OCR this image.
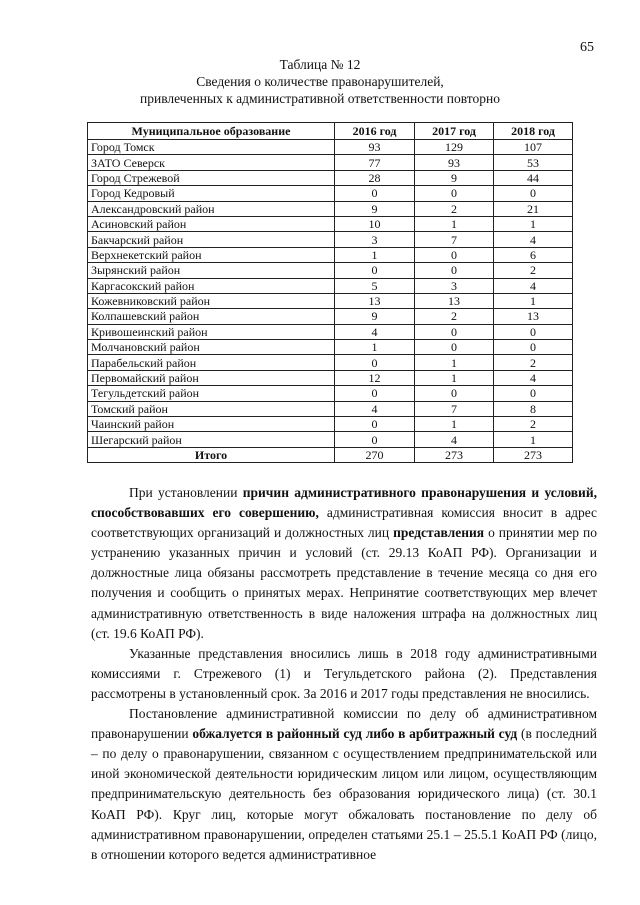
65
Таблица № 12
Сведения о количестве правонарушителей,
привлеченных к административной ответственности повторно
Муниципальное образование	2016 год	2017 год	2018 год
Город Томск	93	129	107
ЗАТО Северск	77	93	53
Город Стрежевой	28	9	44
Город Кедровый	0	0	0
Александровский район	9	2	21
Асиновский район	10	1	1
Бакчарский район	3	7	4
Верхнекетский район	1	0	6
Зырянский район	0	0	2
Каргасокский район	5	3	4
Кожевниковский район	13	13	1
Колпашевский район	9	2	13
Кривошеинский район	4	0	0
Молчановский район	1	0	0
Парабельский район	0	1	2
Первомайский район	12	1	4
Тегульдетский район	0	0	0
Томский район	4	7	8
Чаинский район	0	1	2
Шегарский район	0	4	1
Итого	270	273	273

При установлении причин административного правонарушения и условий, способствовавших его совершению, административная комиссия вносит в адрес соответствующих организаций и должностных лиц представления о принятии мер по устранению указанных причин и условий (ст. 29.13 КоАП РФ). Организации и должностные лица обязаны рассмотреть представление в течение месяца со дня его получения и сообщить о принятых мерах. Непринятие соответствующих мер влечет административную ответственность в виде наложения штрафа на должностных лиц (ст. 19.6 КоАП РФ).

Указанные представления вносились лишь в 2018 году административными комиссиями г. Стрежевого (1) и Тегульдетского района (2). Представления рассмотрены в установленный срок. За 2016 и 2017 годы представления не вносились.

Постановление административной комиссии по делу об административном правонарушении обжалуется в районный суд либо в арбитражный суд (в последний – по делу о правонарушении, связанном с осуществлением предпринимательской или иной экономической деятельности юридическим лицом или лицом, осуществляющим предпринимательскую деятельность без образования юридического лица) (ст. 30.1 КоАП РФ). Круг лиц, которые могут обжаловать постановление по делу об административном правонарушении, определен статьями 25.1 – 25.5.1 КоАП РФ (лицо, в отношении которого ведется административное
